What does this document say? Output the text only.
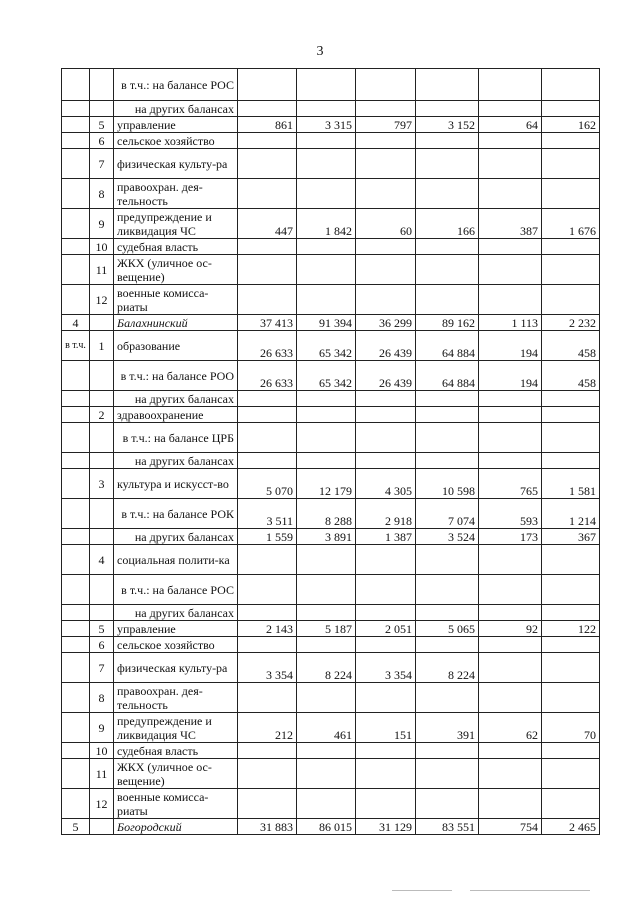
3
		в т.ч.: на балансе РОС						
		на других балансах						
	5	управление	861	3 315	797	3 152	64	162
	6	сельское хозяйство						
	7	физическая культу-ра						
	8	правоохран. дея-тельность						
	9	предупреждение и ликвидация ЧС	447	1 842	60	166	387	1 676
	10	судебная власть						
	11	ЖКХ (уличное ос-вещение)						
	12	военные комисса-риаты						
4		Балахнинский	37 413	91 394	36 299	89 162	1 113	2 232
в т.ч.	1	образование	26 633	65 342	26 439	64 884	194	458
		в т.ч.: на балансе РОО	26 633	65 342	26 439	64 884	194	458
		на других балансах						
	2	здравоохранение						
		в т.ч.: на балансе ЦРБ						
		на других балансах						
	3	культура и искусст-во	5 070	12 179	4 305	10 598	765	1 581
		в т.ч.: на балансе РОК	3 511	8 288	2 918	7 074	593	1 214
		на других балансах	1 559	3 891	1 387	3 524	173	367
	4	социальная полити-ка						
		в т.ч.: на балансе РОС						
		на других балансах						
	5	управление	2 143	5 187	2 051	5 065	92	122
	6	сельское хозяйство						
	7	физическая культу-ра	3 354	8 224	3 354	8 224		
	8	правоохран. дея-тельность						
	9	предупреждение и ликвидация ЧС	212	461	151	391	62	70
	10	судебная власть						
	11	ЖКХ (уличное ос-вещение)						
	12	военные комисса-риаты						
5		Богородский	31 883	86 015	31 129	83 551	754	2 465
